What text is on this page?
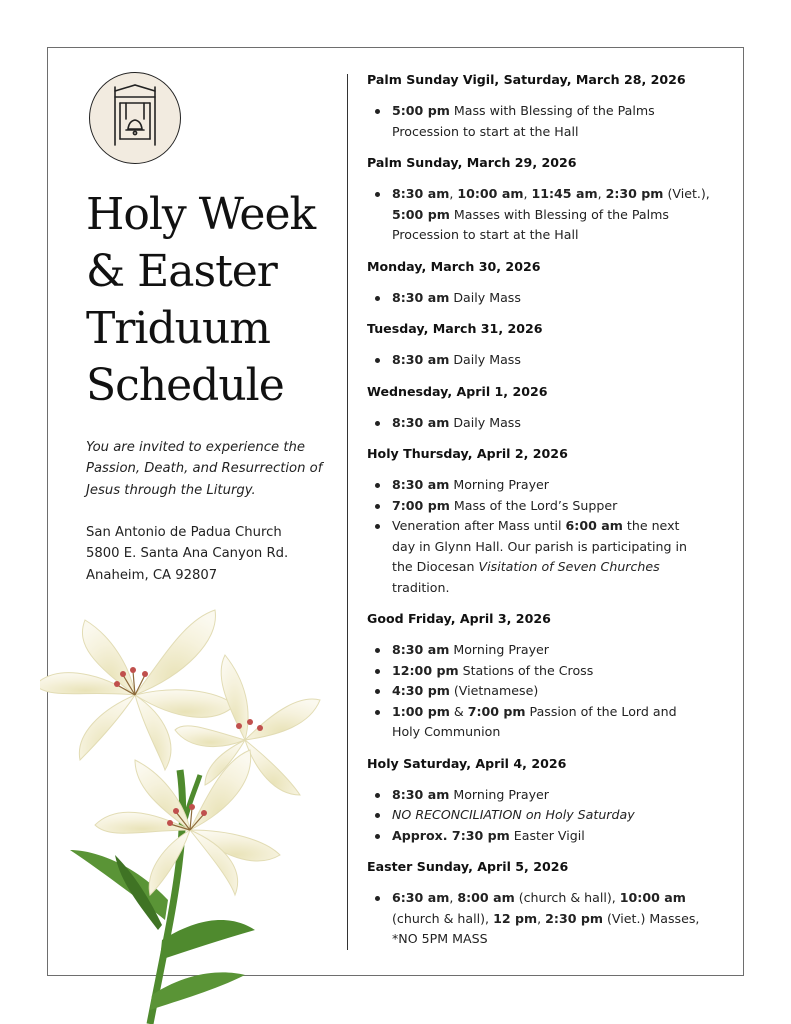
Holy Week
& Easter
Triduum
Schedule
You are invited to experience the Passion, Death, and Resurrection of Jesus through the Liturgy.
San Antonio de Padua Church
5800 E. Santa Ana Canyon Rd.
Anaheim, CA 92807
Palm Sunday Vigil, Saturday, March 28, 2026
5:00 pm Mass with Blessing of the Palms
Procession to start at the Hall
Palm Sunday, March 29, 2026
8:30 am, 10:00 am, 11:45 am, 2:30 pm (Viet.),
5:00 pm Masses with Blessing of the Palms
Procession to start at the Hall
Monday, March 30, 2026
8:30 am Daily Mass
Tuesday, March 31, 2026
8:30 am Daily Mass
Wednesday, April 1, 2026
8:30 am Daily Mass
Holy Thursday, April 2, 2026
8:30 am Morning Prayer
7:00 pm Mass of the Lord’s Supper
Veneration after Mass until 6:00 am the next
day in Glynn Hall. Our parish is participating in
the Diocesan Visitation of Seven Churches
tradition.
Good Friday, April 3, 2026
8:30 am Morning Prayer
12:00 pm Stations of the Cross
4:30 pm (Vietnamese)
1:00 pm & 7:00 pm Passion of the Lord and
Holy Communion
Holy Saturday, April 4, 2026
8:30 am Morning Prayer
NO RECONCILIATION on Holy Saturday
Approx. 7:30 pm Easter Vigil
Easter Sunday, April 5, 2026
6:30 am, 8:00 am (church & hall), 10:00 am
(church & hall), 12 pm, 2:30 pm (Viet.) Masses,
*NO 5PM MASS
